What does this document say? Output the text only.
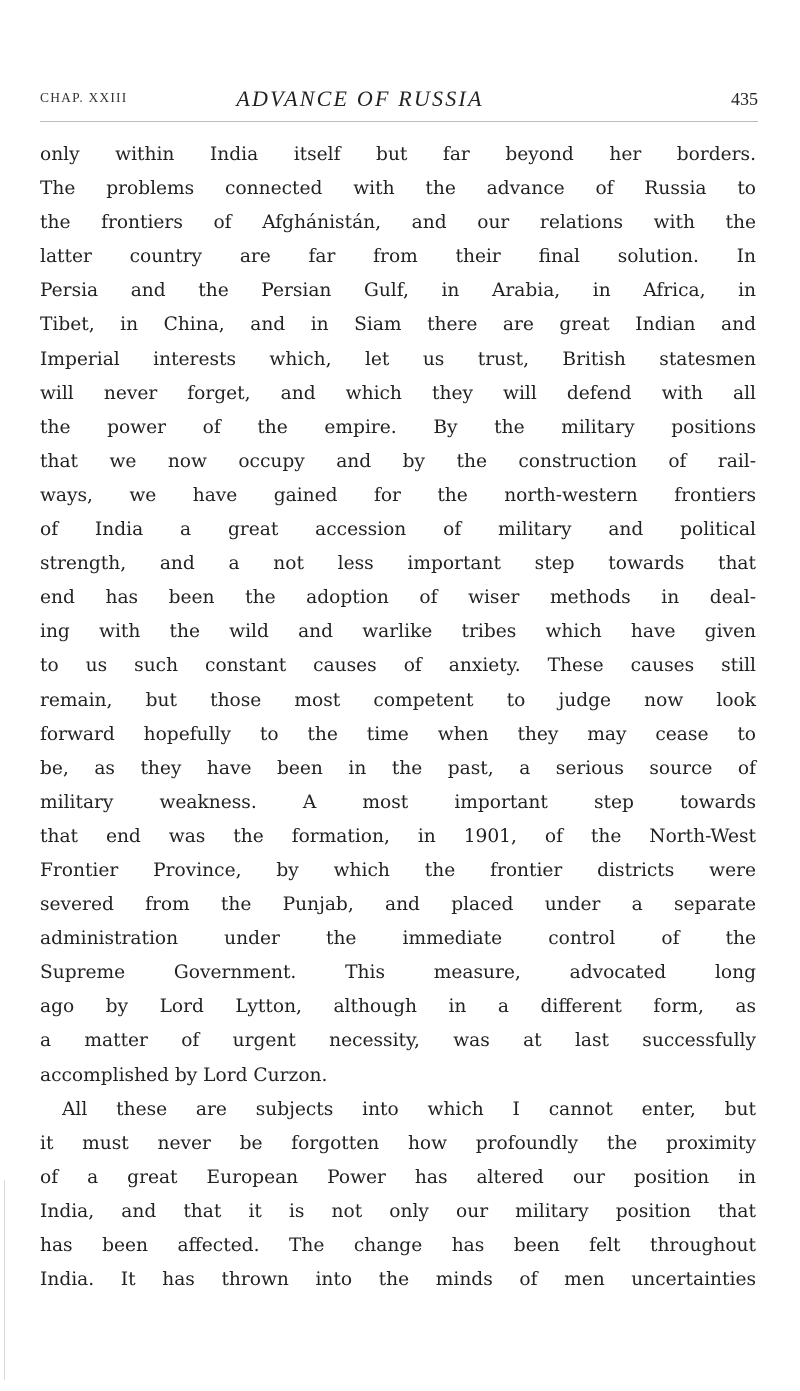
CHAP. XXIII	ADVANCE OF RUSSIA	435
only within India itself but far beyond her borders.
The problems connected with the advance of Russia to
the frontiers of Afghánistán, and our relations with the
latter country are far from their final solution. In
Persia and the Persian Gulf, in Arabia, in Africa, in
Tibet, in China, and in Siam there are great Indian and
Imperial interests which, let us trust, British statesmen
will never forget, and which they will defend with all
the power of the empire. By the military positions
that we now occupy and by the construction of rail-
ways, we have gained for the north-western frontiers
of India a great accession of military and political
strength, and a not less important step towards that
end has been the adoption of wiser methods in deal-
ing with the wild and warlike tribes which have given
to us such constant causes of anxiety. These causes still
remain, but those most competent to judge now look
forward hopefully to the time when they may cease to
be, as they have been in the past, a serious source of
military weakness. A most important step towards
that end was the formation, in 1901, of the North-West
Frontier Province, by which the frontier districts were
severed from the Punjab, and placed under a separate
administration under the immediate control of the
Supreme Government. This measure, advocated long
ago by Lord Lytton, although in a different form, as
a matter of urgent necessity, was at last successfully
accomplished by Lord Curzon.
All these are subjects into which I cannot enter, but
it must never be forgotten how profoundly the proximity
of a great European Power has altered our position in
India, and that it is not only our military position that
has been affected. The change has been felt throughout
India. It has thrown into the minds of men uncertainties
